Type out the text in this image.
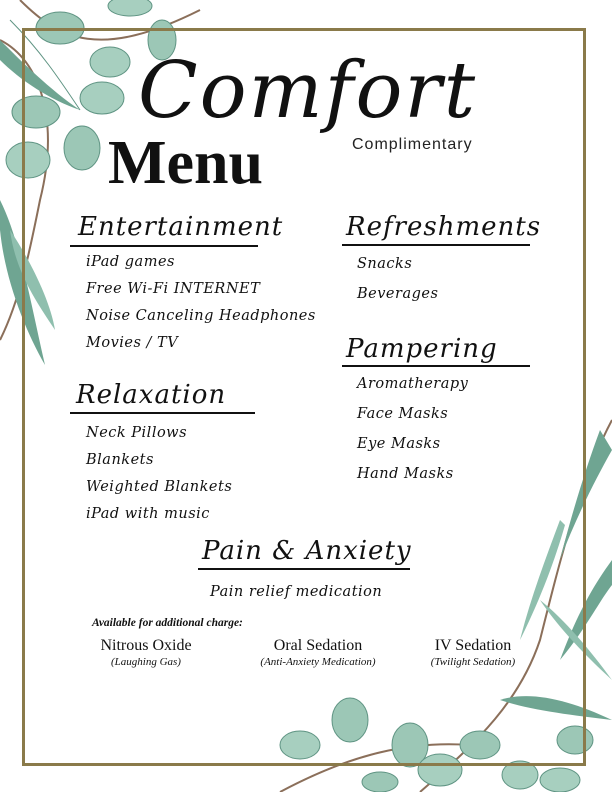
Comfort
Menu	Complimentary
Entertainment
iPad games
Free Wi-Fi INTERNET
Noise Canceling Headphones
Movies / TV
Refreshments
Snacks
Beverages
Pampering
Aromatherapy
Face Masks
Eye Masks
Hand Masks
Relaxation
Neck Pillows
Blankets
Weighted Blankets
iPad with music
Pain & Anxiety
Pain relief medication
Available for additional charge:
Nitrous Oxide
(Laughing Gas)
Oral Sedation
(Anti-Anxiety Medication)
IV Sedation
(Twilight Sedation)
